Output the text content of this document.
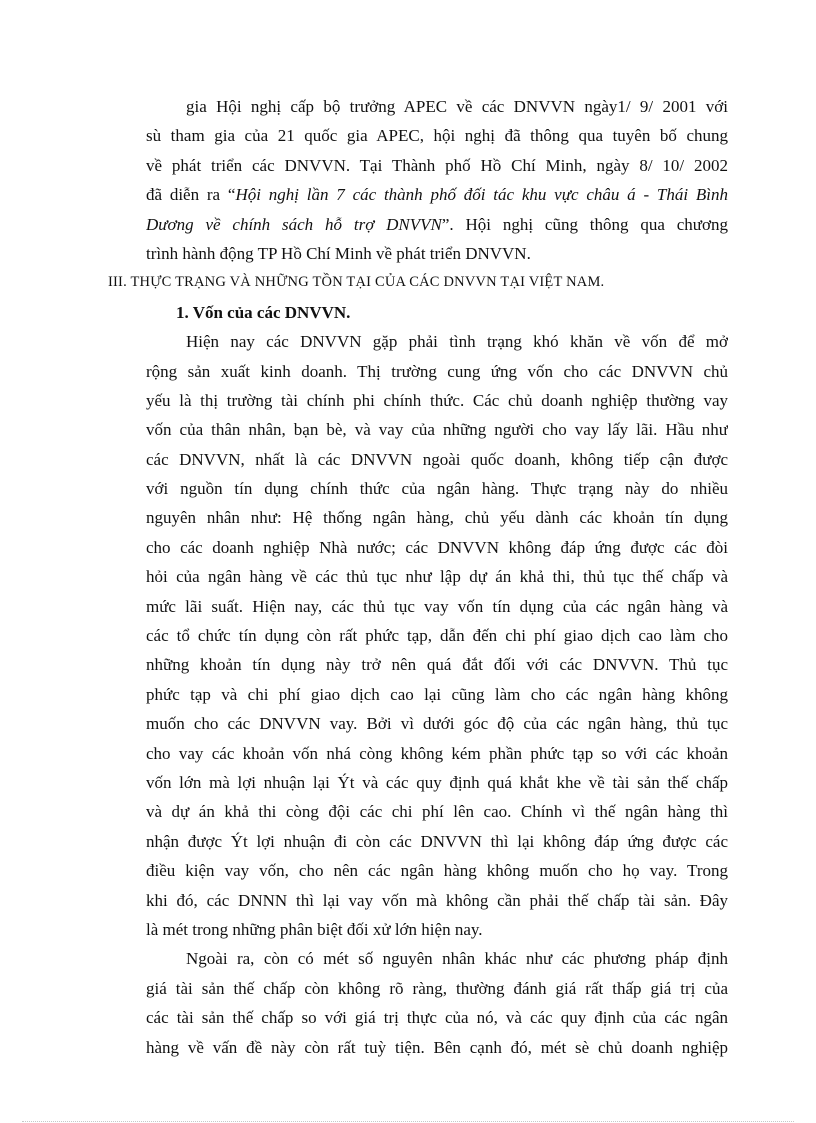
gia Hội nghị cấp bộ trưởng APEC về các DNVVN ngày1/ 9/ 2001 với
sù tham gia của 21 quốc gia APEC, hội nghị đã thông qua tuyên bố chung
về phát triển các DNVVN. Tại Thành phố Hồ Chí Minh, ngày 8/ 10/ 2002
đã diễn ra “Hội nghị lần 7 các thành phố đối tác khu vực châu á - Thái Bình
Dương về chính sách hỗ trợ DNVVN”. Hội nghị cũng thông qua chương
trình hành động TP Hồ Chí Minh về phát triển DNVVN.
III. THỰC TRẠNG VÀ NHỮNG TỒN TẠI CỦA CÁC DNVVN TẠI VIỆT NAM.
1. Vốn của các DNVVN.
Hiện nay các DNVVN gặp phải tình trạng khó khăn về vốn để mở
rộng sản xuất kinh doanh. Thị trường cung ứng vốn cho các DNVVN chủ
yếu là thị trường tài chính phi chính thức. Các chủ doanh nghiệp thường vay
vốn của thân nhân, bạn bè, và vay của những người cho vay lấy lãi. Hầu như
các DNVVN, nhất là các DNVVN ngoài quốc doanh, không tiếp cận được
với nguồn tín dụng chính thức của ngân hàng. Thực trạng này do nhiều
nguyên nhân như: Hệ thống ngân hàng, chủ yếu dành các khoản tín dụng
cho các doanh nghiệp Nhà nước; các DNVVN không đáp ứng được các đòi
hỏi của ngân hàng về các thủ tục như lập dự án khả thi, thủ tục thế chấp và
mức lãi suất. Hiện nay, các thủ tục vay vốn tín dụng của các ngân hàng và
các tổ chức tín dụng còn rất phức tạp, dẫn đến chi phí giao dịch cao làm cho
những khoản tín dụng này trở nên quá đắt đối với các DNVVN. Thủ tục
phức tạp và chi phí giao dịch cao lại cũng làm cho các ngân hàng không
muốn cho các DNVVN vay. Bởi vì dưới góc độ của các ngân hàng, thủ tục
cho vay các khoản vốn nhá còng không kém phần phức tạp so với các khoản
vốn lớn mà lợi nhuận lại Ýt và các quy định quá khắt khe về tài sản thế chấp
và dự án khả thi còng đội các chi phí lên cao. Chính vì thế ngân hàng thì
nhận được Ýt lợi nhuận đi còn các DNVVN thì lại không đáp ứng được các
điều kiện vay vốn, cho nên các ngân hàng không muốn cho họ vay. Trong
khi đó, các DNNN thì lại vay vốn mà không cần phải thế chấp tài sản. Đây
là mét trong những phân biệt đối xử lớn hiện nay.
Ngoài ra, còn có mét số nguyên nhân khác như các phương pháp định
giá tài sản thế chấp còn không rõ ràng, thường đánh giá rất thấp giá trị của
các tài sản thế chấp so với giá trị thực của nó, và các quy định của các ngân
hàng về vấn đề này còn rất tuỳ tiện. Bên cạnh đó, mét sè chủ doanh nghiệp
